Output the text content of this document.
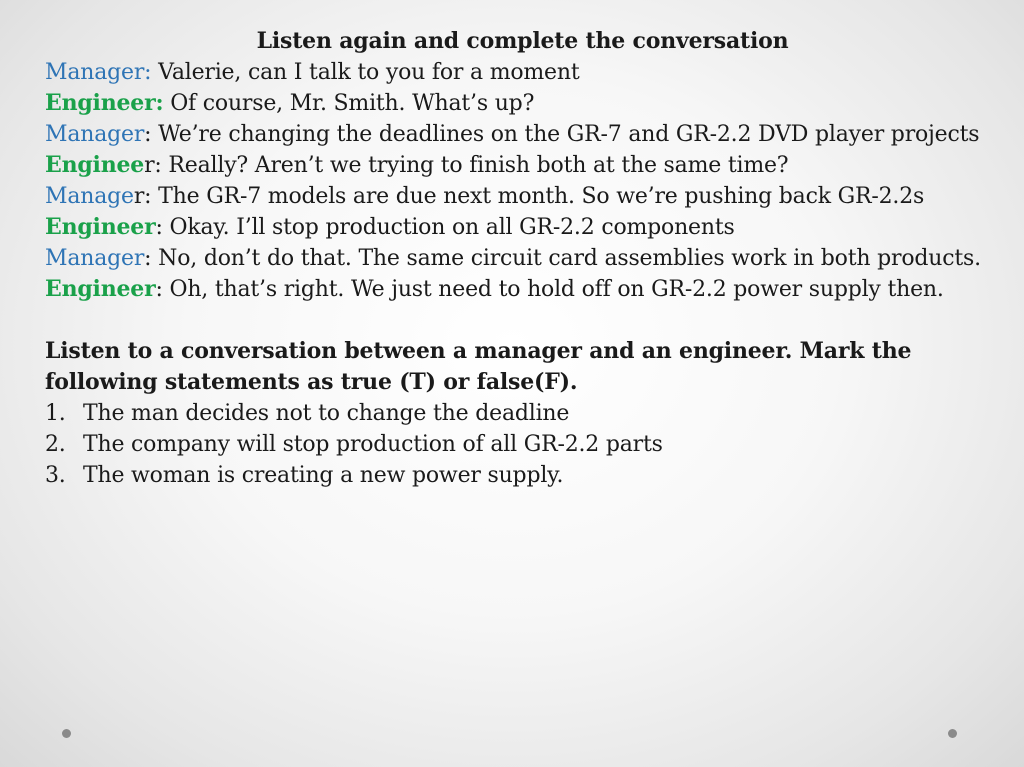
Listen again and complete the conversation

Manager: Valerie, can I talk to you for a moment

Engineer: Of course, Mr. Smith. What’s up?

Manager: We’re changing the deadlines on the GR-7 and GR-2.2 DVD player projects

Engineer: Really? Aren’t we trying to finish both at the same time?

Manager: The GR-7 models are due next month. So we’re pushing back GR-2.2s

Engineer: Okay. I’ll stop production on all GR-2.2 components

Manager: No, don’t do that. The same circuit card assemblies work in both products.

Engineer: Oh, that’s right. We just need to hold off on GR-2.2 power supply then.

Listen to a conversation between a manager and an engineer. Mark the following statements as true (T) or false(F).

1. The man decides not to change the deadline
2. The company will stop production of all GR-2.2 parts
3. The woman is creating a new power supply.
